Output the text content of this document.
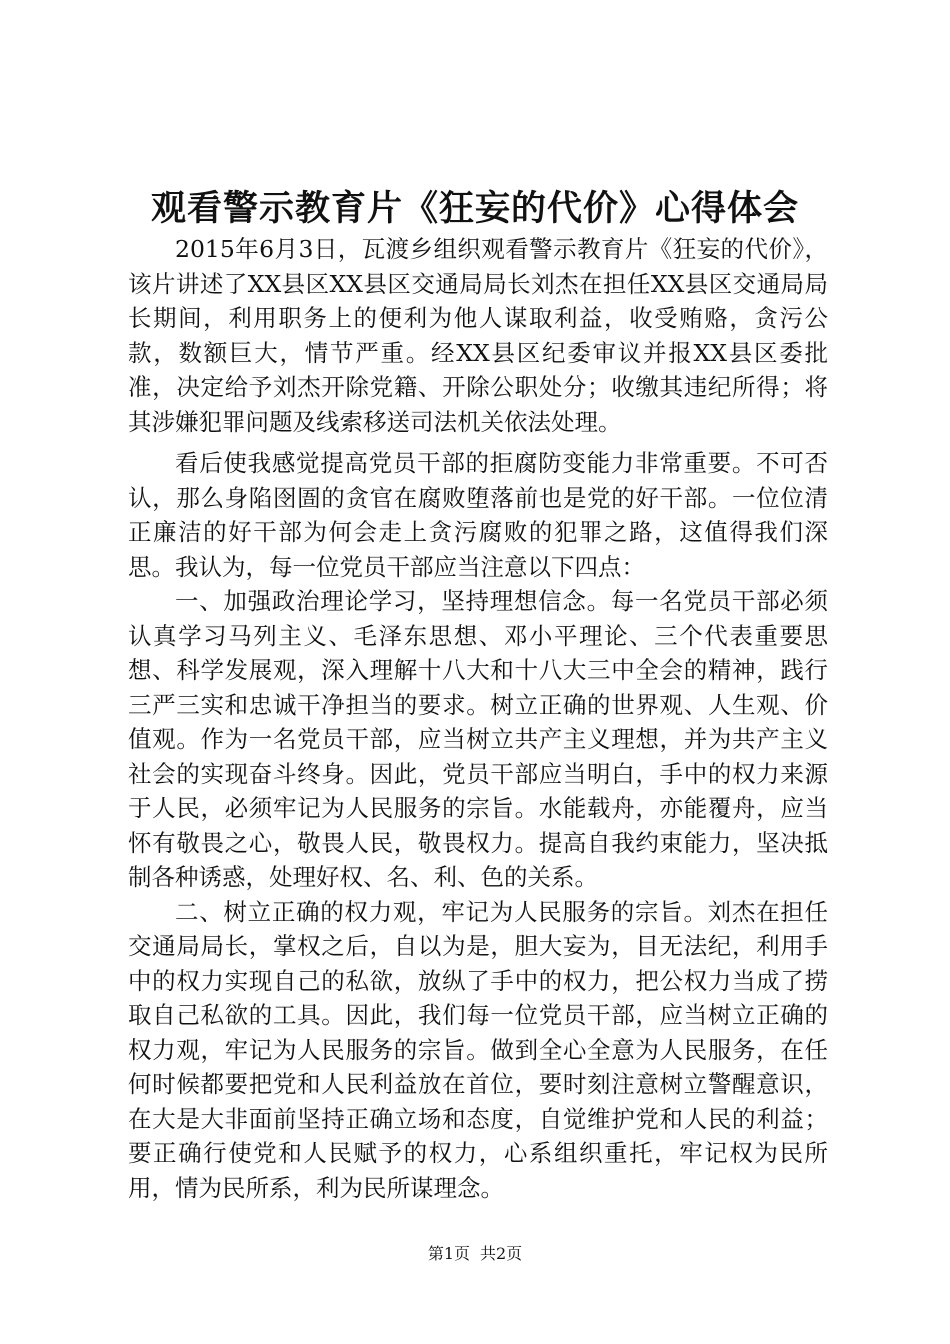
观看警示教育片《狂妄的代价》心得体会

2015年6月3日，瓦渡乡组织观看警示教育片《狂妄的代价》，该片讲述了XX县区XX县区交通局局长刘杰在担任XX县区交通局局长期间，利用职务上的便利为他人谋取利益，收受贿赂，贪污公款，数额巨大，情节严重。经XX县区纪委审议并报XX县区委批准，决定给予刘杰开除党籍、开除公职处分；收缴其违纪所得；将其涉嫌犯罪问题及线索移送司法机关依法处理。

看后使我感觉提高党员干部的拒腐防变能力非常重要。不可否认，那么身陷囹圄的贪官在腐败堕落前也是党的好干部。一位位清正廉洁的好干部为何会走上贪污腐败的犯罪之路，这值得我们深思。我认为，每一位党员干部应当注意以下四点：

一、加强政治理论学习，坚持理想信念。每一名党员干部必须认真学习马列主义、毛泽东思想、邓小平理论、三个代表重要思想、科学发展观，深入理解十八大和十八大三中全会的精神，践行三严三实和忠诚干净担当的要求。树立正确的世界观、人生观、价值观。作为一名党员干部，应当树立共产主义理想，并为共产主义社会的实现奋斗终身。因此，党员干部应当明白，手中的权力来源于人民，必须牢记为人民服务的宗旨。水能载舟，亦能覆舟，应当怀有敬畏之心，敬畏人民，敬畏权力。提高自我约束能力，坚决抵制各种诱惑，处理好权、名、利、色的关系。

二、树立正确的权力观，牢记为人民服务的宗旨。刘杰在担任交通局局长，掌权之后，自以为是，胆大妄为，目无法纪，利用手中的权力实现自己的私欲，放纵了手中的权力，把公权力当成了捞取自己私欲的工具。因此，我们每一位党员干部，应当树立正确的权力观，牢记为人民服务的宗旨。做到全心全意为人民服务，在任何时候都要把党和人民利益放在首位，要时刻注意树立警醒意识，在大是大非面前坚持正确立场和态度，自觉维护党和人民的利益；要正确行使党和人民赋予的权力，心系组织重托，牢记权为民所用，情为民所系，利为民所谋理念。

第1页 共2页
